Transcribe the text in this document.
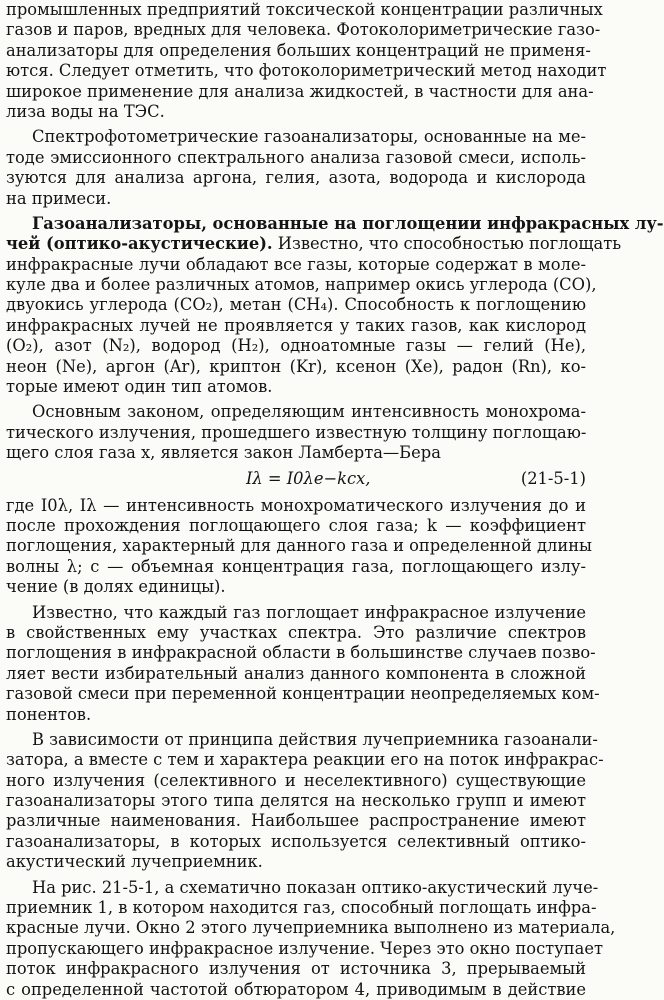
промышленных предприятий токсической концентрации различных
газов и паров, вредных для человека. Фотоколориметрические газо-
анализаторы для определения больших концентраций не применя-
ются. Следует отметить, что фотоколориметрический метод находит
широкое применение для анализа жидкостей, в частности для ана-
лиза воды на ТЭС.
Спектрофотометрические газоанализаторы, основанные на ме-
тоде эмиссионного спектрального анализа газовой смеси, исполь-
зуются для анализа аргона, гелия, азота, водорода и кислорода
на примеси.
Газоанализаторы, основанные на поглощении инфракрасных лу-
чей (оптико-акустические). Известно, что способностью поглощать
инфракрасные лучи обладают все газы, которые содержат в моле-
куле два и более различных атомов, например окись углерода (CO),
двуокись углерода (CO₂), метан (CH₄). Способность к поглощению
инфракрасных лучей не проявляется у таких газов, как кислород
(O₂), азот (N₂), водород (H₂), одноатомные газы — гелий (He),
неон (Ne), аргон (Ar), криптон (Kr), ксенон (Xe), радон (Rn), ко-
торые имеют один тип атомов.
Основным законом, определяющим интенсивность монохрома-
тического излучения, прошедшего известную толщину поглощаю-
щего слоя газа x, является закон Ламберта—Бера
Iλ = I0λe−kcx,	(21-5-1)
где I0λ, Iλ — интенсивность монохроматического излучения до и
после прохождения поглощающего слоя газа; k — коэффициент
поглощения, характерный для данного газа и определенной длины
волны λ; c — объемная концентрация газа, поглощающего излу-
чение (в долях единицы).
Известно, что каждый газ поглощает инфракрасное излучение
в свойственных ему участках спектра. Это различие спектров
поглощения в инфракрасной области в большинстве случаев позво-
ляет вести избирательный анализ данного компонента в сложной
газовой смеси при переменной концентрации неопределяемых ком-
понентов.
В зависимости от принципа действия лучеприемника газоанали-
затора, а вместе с тем и характера реакции его на поток инфракрас-
ного излучения (селективного и неселективного) существующие
газоанализаторы этого типа делятся на несколько групп и имеют
различные наименования. Наибольшее распространение имеют
газоанализаторы, в которых используется селективный оптико-
акустический лучеприемник.
На рис. 21-5-1, а схематично показан оптико-акустический луче-
приемник 1, в котором находится газ, способный поглощать инфра-
красные лучи. Окно 2 этого лучеприемника выполнено из материала,
пропускающего инфракрасное излучение. Через это окно поступает
поток инфракрасного излучения от источника 3, прерываемый
с определенной частотой обтюратором 4, приводимым в действие
